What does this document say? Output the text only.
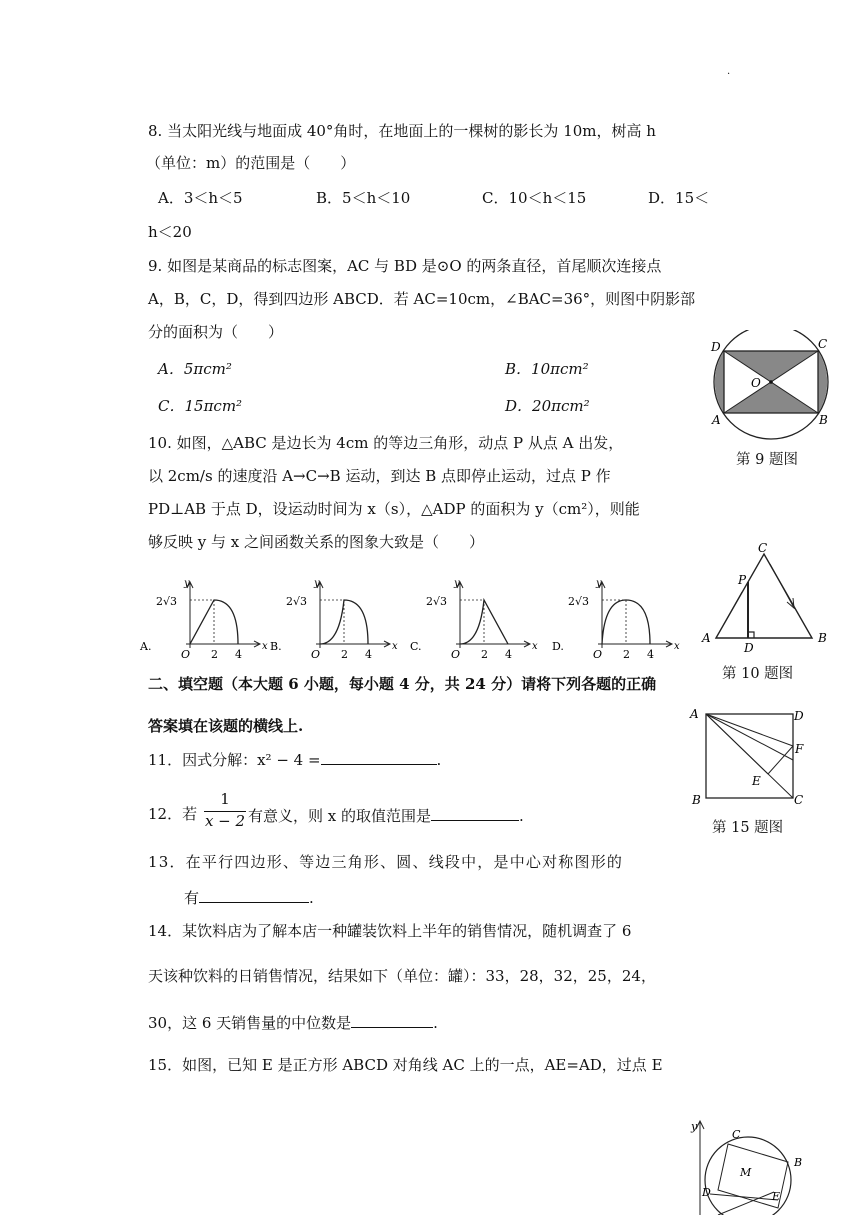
.
8. 当太阳光线与地面成 40°角时，在地面上的一棵树的影长为 10m，树高 h
（单位：m）的范围是（　　）
A．3＜h＜5	B．5＜h＜10	C．10＜h＜15	D．15＜
h＜20
9. 如图是某商品的标志图案，AC 与 BD 是⊙O 的两条直径，首尾顺次连接点
A，B，C，D，得到四边形 ABCD．若 AC=10cm，∠BAC=36°，则图中阴影部
分的面积为（　　）
A．5πcm²	B．10πcm²
C．15πcm²	D．20πcm²
D	C
O
A	B
第 9 题图
10. 如图，△ABC 是边长为 4cm 的等边三角形，动点 P 从点 A 出发，
以 2cm/s 的速度沿 A→C→B 运动，到达 B 点即停止运动，过点 P 作
PD⊥AB 于点 D，设运动时间为 x（s），△ADP 的面积为 y（cm²），则能
够反映 y 与 x 之间函数关系的图象大致是（　　）	C
P
A
D
B
第 10 题图
2√3
y
x
O 2 4
A.
2√3
y
x
O 2 4
B.
2√3
y
x
O 2 4
C.
2√3
y
x
O 2 4
D.
二、填空题（本大题 6 小题，每小题 4 分，共 24 分）请将下列各题的正确
答案填在该题的横线上.
11．因式分解：x² − 4 =	.
12．若
1
x − 2 有意义，则 x 的取值范围是	.
A	D
F
E
B	C
第 15 题图
13．在平行四边形、等边三角形、圆、线段中，是中心对称图形的
有	.
14．某饮料店为了解本店一种罐装饮料上半年的销售情况，随机调查了 6
天该种饮料的日销售情况，结果如下（单位：罐）：33，28，32，25，24，
30，这 6 天销售量的中位数是	.
15．如图，已知 E 是正方形 ABCD 对角线 AC 上的一点，AE=AD，过点 E
y
C
M
B
D	E
